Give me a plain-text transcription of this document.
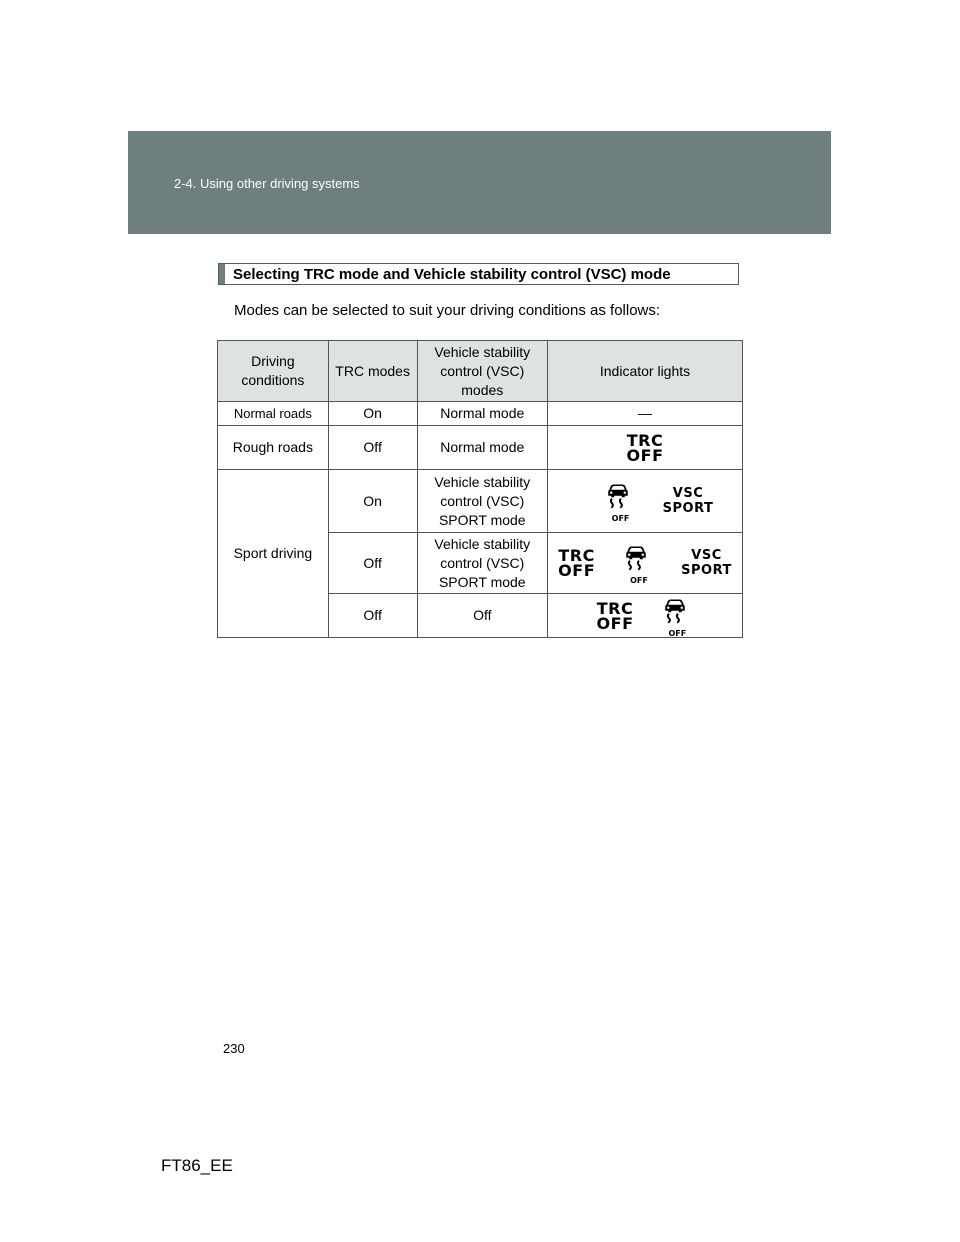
2-4. Using other driving systems
Selecting TRC mode and Vehicle stability control (VSC) mode
Modes can be selected to suit your driving conditions as follows:
Driving conditions	TRC modes	Vehicle stability control (VSC) modes	Indicator lights
Normal roads	On	Normal mode	—
Rough roads	Off	Normal mode	TRC
OFF

Sport driving	On	Vehicle stability control (VSC) SPORT mode	OFF
VSC
SPORT

	Off	Vehicle stability control (VSC) SPORT mode	TRC
OFF
OFF
VSC
SPORT

	Off	Off	TRC
OFF
OFF
230
FT86_EE
